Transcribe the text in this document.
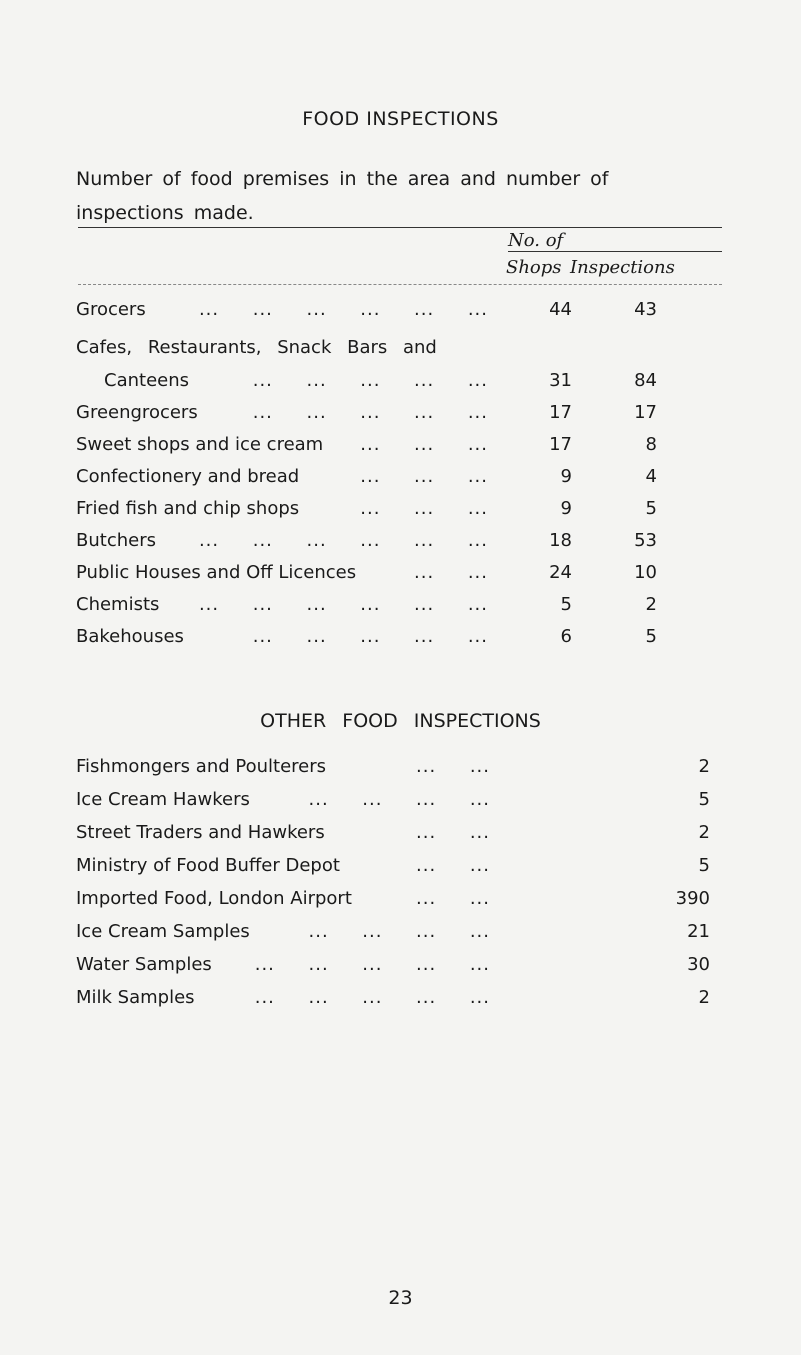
FOOD INSPECTIONS
Number of food premises in the area and number of inspections made.
No. of
Shops Inspections
Grocers	...     ...     ...     ...     ...     ...	44	43
Cafes, Restaurants, Snack Bars and
Canteens	...     ...     ...     ...     ...	31	84
Greengrocers	...     ...     ...     ...     ...	17	17
Sweet shops and ice cream ...     ...     ...	17	8
Confectionery and bread	...     ...     ...	9	4
Fried fish and chip shops	...     ...     ...	9	5
Butchers ...     ...     ...     ...     ...     ...	18	53
Public Houses and Off Licences	...     ...	24	10
Chemists ...     ...     ...     ...     ...     ...	5	2
Bakehouses	...     ...     ...     ...     ...	6	5
OTHER FOOD INSPECTIONS
Fishmongers and Poulterers	...     ...	2
Ice Cream Hawkers	...     ...     ...     ...	5
Street Traders and Hawkers	...     ...	2
Ministry of Food Buffer Depot	...     ...	5
Imported Food, London Airport	...     ...	390
Ice Cream Samples	...     ...     ...     ...	21
Water Samples ...     ...     ...     ...     ...	30
Milk Samples	...     ...     ...     ...     ...	2
23
